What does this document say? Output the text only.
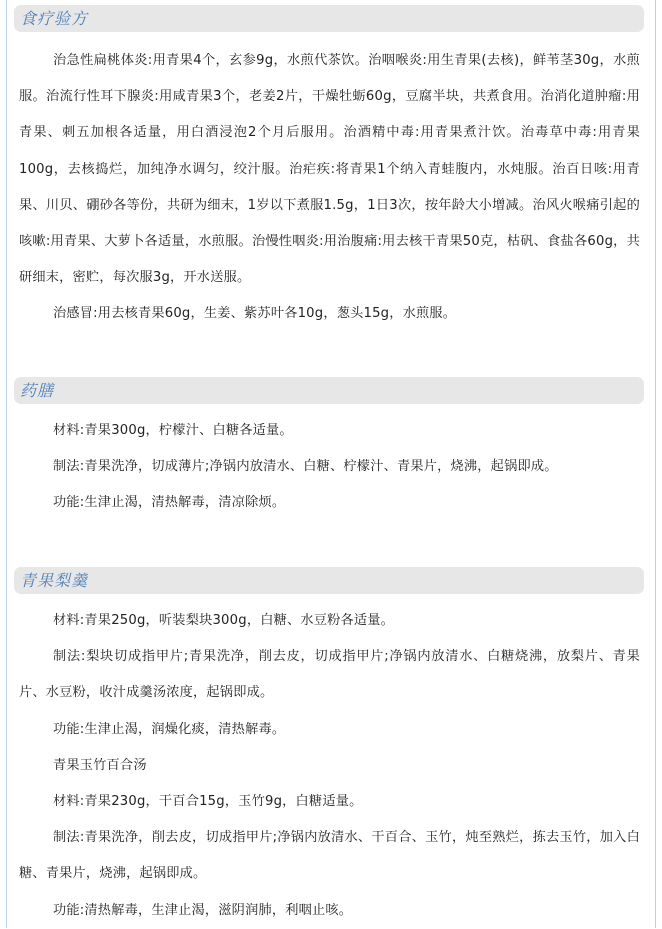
食疗验方

治急性扁桃体炎:用青果4个，玄参9g，水煎代茶饮。治咽喉炎:用生青果(去核)，鲜苇茎30g，水煎服。治流行性耳下腺炎:用咸青果3个，老姜2片，干燥牡蛎60g，豆腐半块，共煮食用。治消化道肿瘤:用青果、刺五加根各适量，用白酒浸泡2个月后服用。治酒精中毒:用青果煮汁饮。治毒草中毒:用青果100g，去核捣烂，加纯净水调匀，绞汁服。治疟疾:将青果1个纳入青蛙腹内，水炖服。治百日咳:用青果、川贝、硼砂各等份，共研为细末，1岁以下煮服1.5g，1日3次，按年龄大小增减。治风火喉痛引起的咳嗽:用青果、大萝卜各适量，水煎服。治慢性咽炎:用治腹痛:用去核干青果50克，枯矾、食盐各60g，共研细末，密贮，每次服3g，开水送服。

治感冒:用去核青果60g，生姜、紫苏叶各10g，葱头15g，水煎服。

药膳

材料:青果300g，柠檬汁、白糖各适量。

制法:青果洗净，切成薄片;净锅内放清水、白糖、柠檬汁、青果片，烧沸，起锅即成。

功能:生津止渴，清热解毒，清凉除烦。

青果梨羹

材料:青果250g，听装梨块300g，白糖、水豆粉各适量。

制法:梨块切成指甲片;青果洗净，削去皮，切成指甲片;净锅内放清水、白糖烧沸，放梨片、青果片、水豆粉，收汁成羹汤浓度，起锅即成。

功能:生津止渴，润燥化痰，清热解毒。

青果玉竹百合汤

材料:青果230g，干百合15g，玉竹9g，白糖适量。

制法:青果洗净，削去皮，切成指甲片;净锅内放清水、干百合、玉竹，炖至熟烂，拣去玉竹，加入白糖、青果片，烧沸，起锅即成。

功能:清热解毒，生津止渴，滋阴润肺，利咽止咳。
